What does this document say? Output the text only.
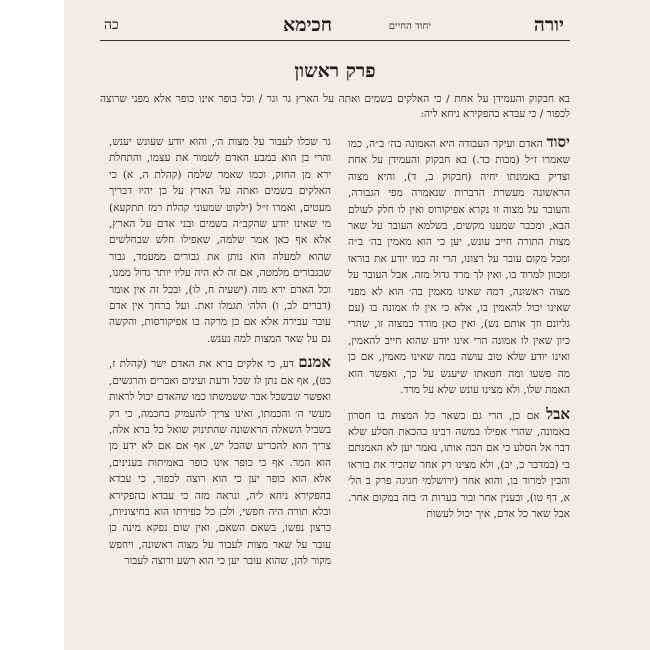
יורה
יחוד החיים
חכימא
כה
פרק ראשון
בא חבקוק והעמידן על אחת / כי האלקים בשמים ואתה על הארץ גר וגר / וכל כופר אינו כופר אלא מפני שרוצה לכפור / כי עבדא בהפקירא ניחא ליה:

יסוד האדם ועיקר העבודה היא האמונה בה׳ ב״ה, כמו שאמרו ז״ל (מכות כד.) בא חבקוק והעמידן על אחת וצדיק באמונתו יחיה (חבקוק ב, ד), והיא מצוה הראשונה מעשרת הדברות שנאמרה מפי הגבורה, והעובר על מצוה זו נקרא אפיקורוס ואין לו חלק לעולם הבא, ומכבר שמענו מקשים, בשלמא העובר על שאר מצות התורה חייב עונש, יען כי הוא מאמין בה׳ ב״ה ומכל מקום עובר על רצונו, הרי זה כמו יודע את בוראו ומכוון למרוד בו, ואין לך מרד גדול מזה. אבל העובר על מצוה ראשונה, דמה שאינו מאמין בה׳ הוא לא מפני שאינו יכול להאמין בו, אלא כי אין לו אמונה בו (עם גליונם וזך אותם נש), ואין כאן מורד במצוה זו, שהרי כיון שאין לו אמונה הרי אינו יודע שהוא חייב להאמין, ואינו יודע שלא טוב עושה במה שאינו מאמין, אם כן מה פשעו ומה חטאתו שיענש על כך, ואפשר הוא האמת שלו, ולא מצינו עונש שלא על מרד.

אבל אם כן, הרי גם בשאר כל המצות בו חסרון באמונה, שהרי אפילו במשה רבינו בהכאת הסלע שלא דבר אל הסלע כי אם הכה אותו, נאמר יען לא האמנתם בי (במדבר כ, יב), ולא מצינו רק אחר שהכיר את בוראו והבין למרוד בו, והוא אחר (ירושלמי חגיגה פרק ב הל׳ א, דף טו), ובענין אחר ובור בערות ה׳ בזה במקום אחר. אבל שאר כל אדם, איך יכול לעשות

גר שכלו לעבור על מצות ה׳, והוא יודע שעונש יענש, והרי בן הוא במבע האדם לשמור את עצמו, והתחלת ירא מן החזק, וכמו שאמר שלמה (קהלת ה, א) כי האלקים בשמים ואתה על הארץ על כן יהיו דבריך מעטים, ואמרו ז״ל (ילקוט שמעוני קהלת רמז תתקעא) מי שאינו יודע שהקב״ה בשמים ובני אדם על הארץ, אלא אף כאן אמר שלמה, שאפילו חלש שבחלשים שהוא למעלה הוא נותן את גבורים ממעמד, גבור שבגבורים מלמטה, אם זה לא היה עליו יותר גדול ממנו, וכל האדם ירא מזה (ישעיה ח, לו), ובכל זה אין אומר (דברים לב, ו) הלה׳ תגמלו זאת. ועל כרחך אין אדם עובר עבירה אלא אם כן מרקה בו אפיקורסות, והקשה נם על שאר המצות למה נענש.

אמנם דע, כי אלקים ברא את האדם ישר (קהלת ז, כט), אף אם נתן לו שכל ודעת ועינים ואברים והרגשים, ואפשר שבשכל אבר ששמשתו כמו שהאדם יכול לראות מעשי ה׳ והכמתו, ואינו צריך להעמיק בחכמה, כי רק בשביל השאלה הראשונה שהתינוק שואל כל ברא אלה, צריך הוא להכריע שהכל יש, אף אם אם לא ידע מן הוא המר. אף כי כופר אינו כופר באמיתות בענינים, אלא הוא כופר יען כי הוא רוצה לכפור, כי עבדא בהפקירא ניחא ליה, ונראה מזה כי עבדא בהפקירא ובלא תורה היה חפשי, ולכן כל כפירתו הוא בחיצוניות, כרצון נפשו, בשאם השאם, ואין שום נפקא מינה כן עובר על שאר מצות לעבור על מצוה ראשונה, ויחפש מקור להן, שהוא עובר יען כי הוא רשע ורוצה לעבור
